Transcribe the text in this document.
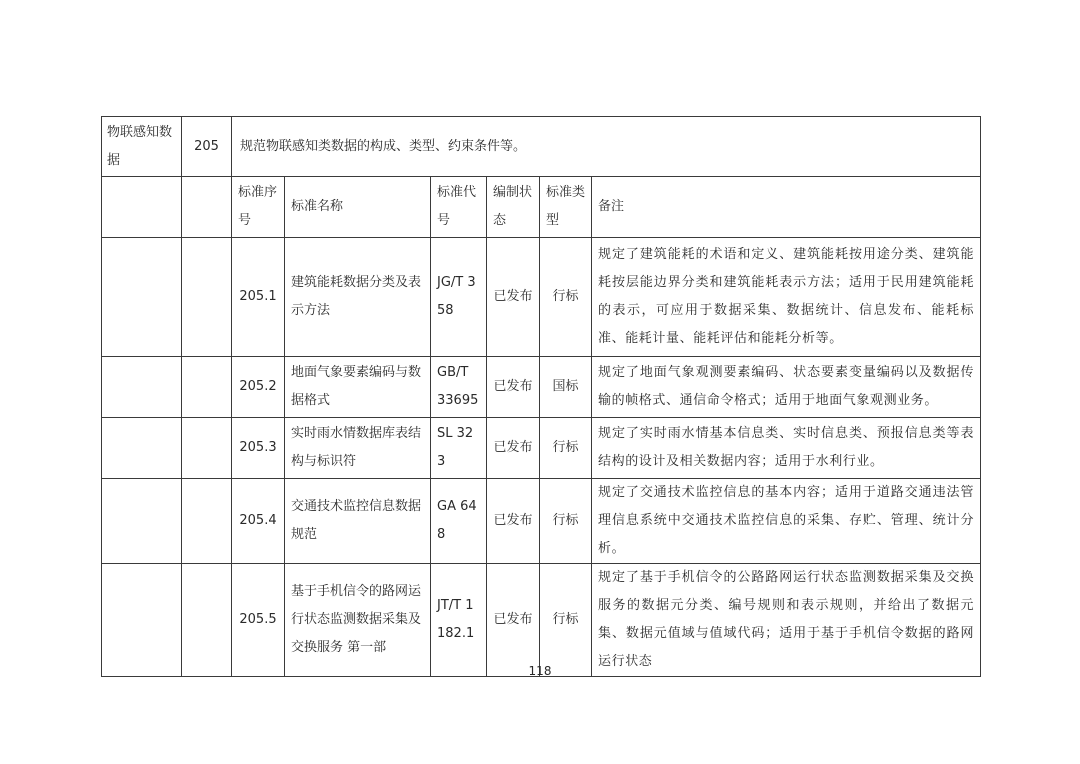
物联感知数据	205	规范物联感知类数据的构成、类型、约束条件等。					
		标准序号	标准名称	标准代号	编制状态	标准类型	备注
		205.1	建筑能耗数据分类及表示方法	JG/T 358	已发布	行标	规定了建筑能耗的术语和定义、建筑能耗按用途分类、建筑能耗按层能边界分类和建筑能耗表示方法；适用于民用建筑能耗的表示，可应用于数据采集、数据统计、信息发布、能耗标准、能耗计量、能耗评估和能耗分析等。
		205.2	地面气象要素编码与数据格式	GB/T 33695	已发布	国标	规定了地面气象观测要素编码、状态要素变量编码以及数据传输的帧格式、通信命令格式；适用于地面气象观测业务。
		205.3	实时雨水情数据库表结构与标识符	SL 323	已发布	行标	规定了实时雨水情基本信息类、实时信息类、预报信息类等表结构的设计及相关数据内容；适用于水利行业。
		205.4	交通技术监控信息数据规范	GA 648	已发布	行标	规定了交通技术监控信息的基本内容；适用于道路交通违法管理信息系统中交通技术监控信息的采集、存贮、管理、统计分析。
		205.5	基于手机信令的路网运行状态监测数据采集及交换服务 第一部	JT/T 1182.1	已发布	行标	规定了基于手机信令的公路路网运行状态监测数据采集及交换服务的数据元分类、编号规则和表示规则，并给出了数据元集、数据元值域与值域代码；适用于基于手机信令数据的路网运行状态
118
